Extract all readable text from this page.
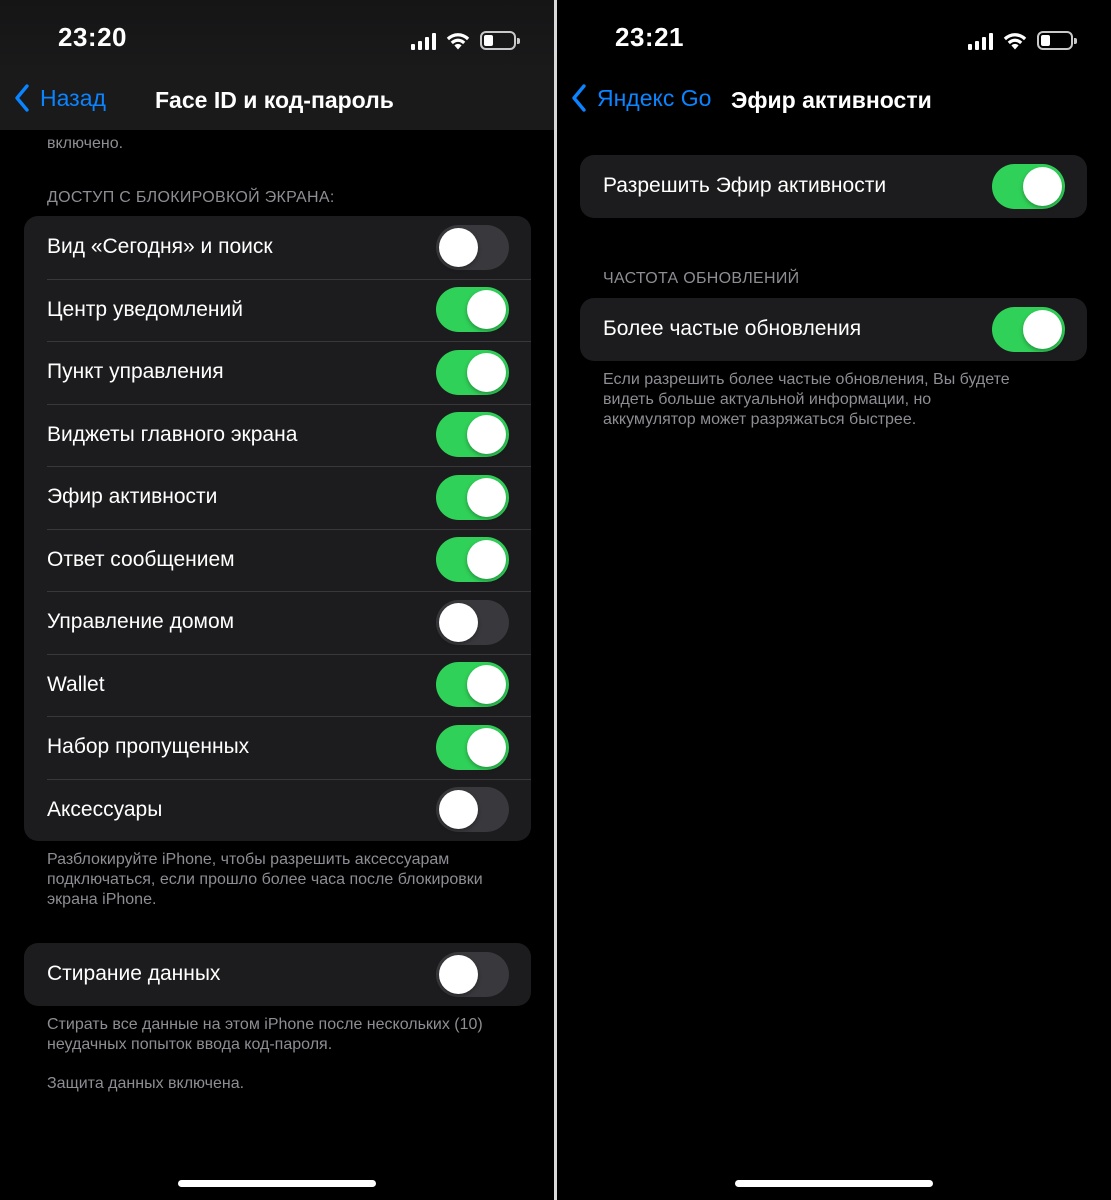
23:20
Назад Face ID и код-пароль
включено.
ДОСТУП С БЛОКИРОВКОЙ ЭКРАНА:
Вид «Сегодня» и поиск
Центр уведомлений
Пункт управления
Виджеты главного экрана
Эфир активности
Ответ сообщением
Управление домом
Wallet
Набор пропущенных
Аксессуары
Разблокируйте iPhone, чтобы разрешить аксессуарам подключаться, если прошло более часа после блокировки экрана iPhone.
Стирание данных
Стирать все данные на этом iPhone после нескольких (10) неудачных попыток ввода код-пароля.
Защита данных включена.
23:21
Яндекс Go Эфир активности
Разрешить Эфир активности
ЧАСТОТА ОБНОВЛЕНИЙ
Более частые обновления
Если разрешить более частые обновления, Вы будете видеть больше актуальной информации, но аккумулятор может разряжаться быстрее.
